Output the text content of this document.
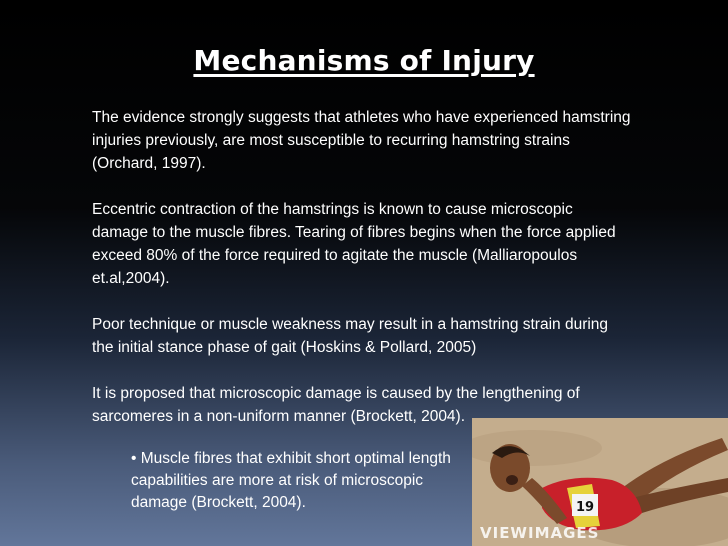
Mechanisms of Injury

The evidence strongly suggests that athletes who have experienced hamstring injuries previously, are most susceptible to recurring hamstring strains (Orchard, 1997).

Eccentric contraction of the hamstrings is known to cause microscopic damage to the muscle fibres. Tearing of fibres begins when the force applied exceed 80% of the force required to agitate the muscle (Malliaropoulos et.al,2004).

Poor technique or muscle weakness may result in a hamstring strain during the initial stance phase of gait (Hoskins & Pollard, 2005)

It is proposed that microscopic damage is caused by the lengthening of sarcomeres in a non-uniform manner (Brockett, 2004).

• Muscle fibres that exhibit short optimal length capabilities are more at risk of microscopic damage (Brockett, 2004).	19
VIEWIMAGES
